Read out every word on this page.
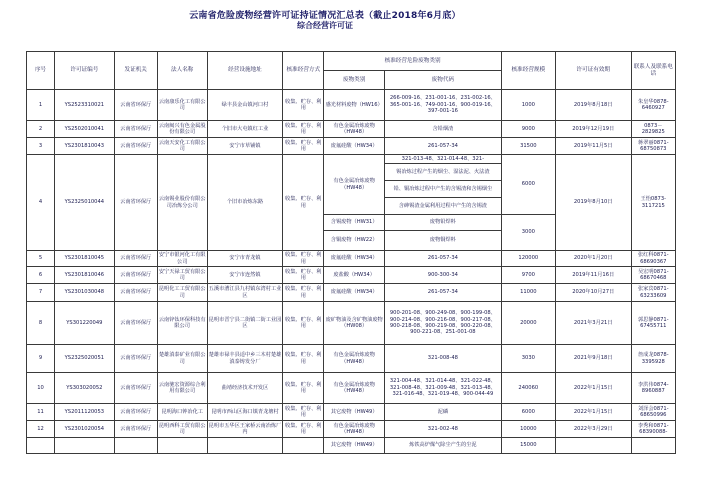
云南省危险废物经营许可证持证情况汇总表（截止2018年6月底）
综合经营许可证
序号	许可证编号	发证机关	法人名称	经营设施地址	核准经营方式	核准经营危险废物类别		核准经营规模	许可证有效期	联系人及联系电话
						废物类别	废物代码			
1	YS2523310021	云南省环保厅	云南康乐化工有限公司	绿丰县金山镇河口村	收集、贮存、利用	感光材料废物（HW16）	266-009-16、231-001-16、231-002-16、365-001-16、749-001-16、900-019-16、397-001-16	1000	2019年8月18日	朱皇华0878-6460927
2	YS2502010041	云南省环保厅	云南闽兴有色金属股份有限公司	个旧市大屯镇红工业	收集、贮存、利用	有色金属冶炼废物（HW48）	含铅烟渣	9000	2019年12月19日	0873－2829825
3	YS2301810043	云南省环保厅	云南天安化工有限公司	安宁市草铺镇	收集、贮存、利用	废氟硅酸（HW34）	261-057-34	31500	2019年11月5日	蒋翠丽0871-68750873
4	YS2325010044	云南省环保厅	云南锡业股份有限公司冶炼分公司	个旧市冶炼东路	收集、贮存、利用	有色金属冶炼废物（HW48）	321-013-48、321-014-48、321-	6000	2019年8月10日	王怡0873-3117215
							锡冶炼过程产生的烟尘、湿法泥、火法渣			
							铅、铜冶炼过程中产生的含锡渣和含锡烟尘			
							含砷锡渣金属利用过程中产生的含锡渣			
						含锡废物（HW31）	废物铅焊料	3000		
						含铜废物（HW22）	废物铜焊料			
5	YS2301810045	云南省环保厅	安宁市银河化工有限公司	安宁市青龙镇	收集、贮存、利用	废氟硅酸（HW34）	261-057-34	120000	2020年1月20日	张红科0871-68690367
6	YS2301810046	云南省环保厅	安宁天禄工贸有限公司	安宁市连然镇	收集、贮存、利用	废盐酸（HW34）	900-300-34	9700	2019年11月16日	吴宏明0871-68670468
7	YS2301030048	云南省环保厅	昆明化工工贸有限公司	五溪市漕江县九村镇东湾村工业区	收集、贮存、利用	废氟硅酸（HW34）	261-057-34	11000	2020年10月27日	张家宾0871-63233609
8	YS301220049	云南省环保厅	云南锌钛环保科技有限公司	昆明市晋宁县二街镇二街工业园区	收集、贮存、利用	废矿物油及含矿物油废物（HW08）	900-201-08、900-249-08、900-199-08、900-214-08、900-216-08、900-217-08、900-218-08、900-219-08、900-220-08、900-221-08、251-001-08	20000	2021年3月21日	郭思静0871-67455711
9	YS2325020051	云南省环保厅	楚雄滇泰矿业有限公司	楚雄市禄丰县适中乡三木村楚雄滇泰铸发分厂	收集、贮存、利用	有色金属冶炼废物（HW48）	321-008-48	3030	2021年9月18日	詹成龙0878-3395928
10	YS303020052	云南省环保厅	云南驰宏资源综合利用有限公司	曲靖经济技术开发区	收集、贮存、利用	有色金属冶炼废物（HW48）	321-004-48、321-014-48、321-022-48、321-008-48、321-009-48、321-013-48、321-016-48、321-019-48、900-044-49	240060	2022年1月15日	李洪伟0874-8960887
11	YS2011120053	云南省环保厅	昆明海口钟冶化工	昆明市西山区海口镇青龙塘村	收集、贮存、利用	其它废物（HW49）	泥磷	6000	2022年1月15日	刘泽会0871-68650996
12	YS2301020054	云南省环保厅	昆明西科工贸有限公司	昆明市五华区王家桥云南冶炼厂内	收集、贮存、利用	有色金属冶炼废物（HW48）	321-002-48	10000	2022年3月29日	李秀和0871-68390088-
						其它废物（HW49）	炼铁高炉煤气除尘产生的尘泥	15000		
